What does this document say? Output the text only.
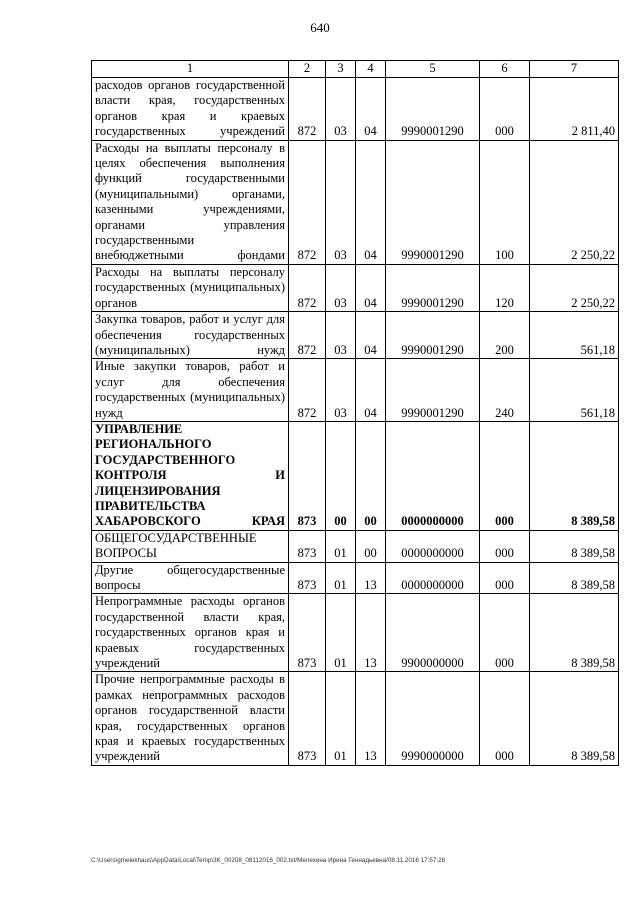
640
1	2	3	4	5	6	7
расходов органов государственной власти края, государственных органов края и краевых государственных учреждений	872	03	04	9990001290	000	2 811,40
Расходы на выплаты персоналу в целях обеспечения выполнения функций государственными (муниципальными) органами, казенными учреждениями, органами управления государственными внебюджетными фондами	872	03	04	9990001290	100	2 250,22
Расходы на выплаты персоналу государственных (муниципальных) органов	872	03	04	9990001290	120	2 250,22
Закупка товаров, работ и услуг для обеспечения государственных (муниципальных) нужд	872	03	04	9990001290	200	561,18
Иные закупки товаров, работ и услуг для обеспечения государственных (муниципальных) нужд	872	03	04	9990001290	240	561,18
УПРАВЛЕНИЕ РЕГИОНАЛЬНОГО ГОСУДАРСТВЕННОГО КОНТРОЛЯ И ЛИЦЕНЗИРОВАНИЯ ПРАВИТЕЛЬСТВА ХАБАРОВСКОГО КРАЯ	873	00	00	0000000000	000	8 389,58
ОБЩЕГОСУДАРСТВЕННЫЕ ВОПРОСЫ	873	01	00	0000000000	000	8 389,58
Другие общегосударственные вопросы	873	01	13	0000000000	000	8 389,58
Непрограммные расходы органов государственной власти края, государственных органов края и краевых государственных учреждений	873	01	13	9900000000	000	8 389,58
Прочие непрограммные расходы в рамках непрограммных расходов органов государственной власти края, государственных органов края и краевых государственных учреждений	873	01	13	9990000000	000	8 389,58
C:\Users\gmelekhaus\AppData\Local\Temp\3K_00208_08112016_002.txt/Мелехина Ирина Геннадьевна/08.11.2016 17:57:28
